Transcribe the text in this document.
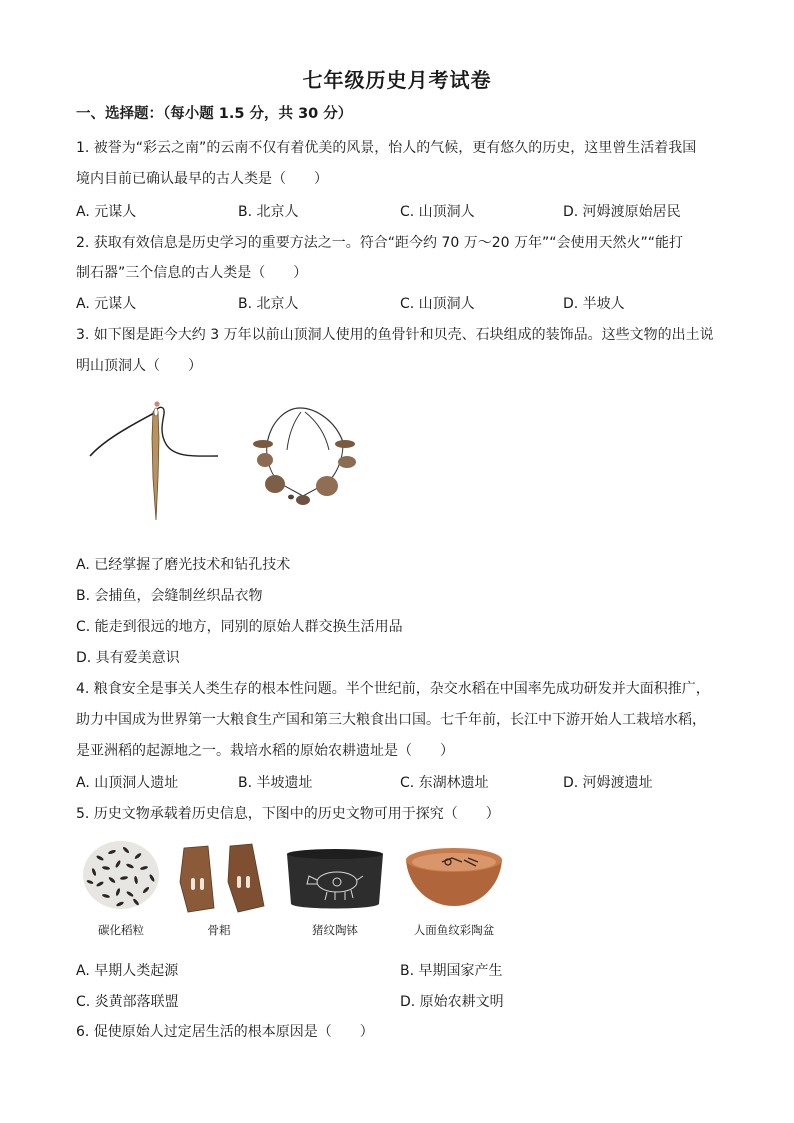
七年级历史月考试卷
一、选择题：（每小题 1.5 分，共 30 分）
1. 被誉为“彩云之南”的云南不仅有着优美的风景，怡人的气候，更有悠久的历史，这里曾生活着我国
境内目前已确认最早的古人类是（　　）
A. 元谋人	B. 北京人	C. 山顶洞人	D. 河姆渡原始居民
2. 获取有效信息是历史学习的重要方法之一。符合“距今约 70 万～20 万年”“会使用天然火”“能打
制石器”三个信息的古人类是（　　）
A. 元谋人	B. 北京人	C. 山顶洞人	D. 半坡人
3. 如下图是距今大约 3 万年以前山顶洞人使用的鱼骨针和贝壳、石块组成的装饰品。这些文物的出土说
明山顶洞人（　　）
A. 已经掌握了磨光技术和钻孔技术
B. 会捕鱼，会缝制丝织品衣物
C. 能走到很远的地方，同别的原始人群交换生活用品
D. 具有爱美意识
4. 粮食安全是事关人类生存的根本性问题。半个世纪前，杂交水稻在中国率先成功研发并大面积推广，
助力中国成为世界第一大粮食生产国和第三大粮食出口国。七千年前，长江中下游开始人工栽培水稻，
是亚洲稻的起源地之一。栽培水稻的原始农耕遗址是（　　）
A. 山顶洞人遗址	B. 半坡遗址	C. 东湖林遗址	D. 河姆渡遗址
5. 历史文物承载着历史信息，下图中的历史文物可用于探究（　　）
碳化稻粒	骨耜	猪纹陶钵	人面鱼纹彩陶盆
A. 早期人类起源	B. 早期国家产生
C. 炎黄部落联盟	D. 原始农耕文明
6. 促使原始人过定居生活的根本原因是（　　）
